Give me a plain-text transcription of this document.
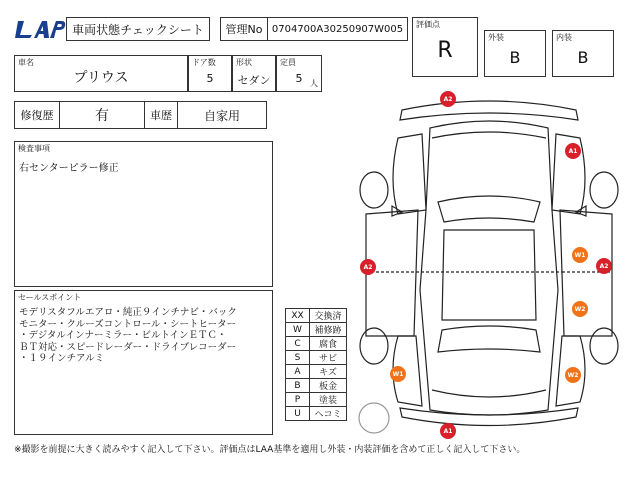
車両状態チェックシート 管理No 0704700A30250907W005 評価点
R
外装
B
内装
B
車名
プリウス
ドア数
5
形状
セダン
定員
5 人
修復歴	有	車歴	自家用
検査事項
右センターピラー修正
セールスポイント
モデリスタフルエアロ・純正９インチナビ・バック
モニター・クルーズコントロール・シートヒーター
・デジタルインナーミラー・ビルトインＥＴＣ・
ＢＴ対応・スピードレーダー・ドライブレコーダー
・１９インチアルミ
XX	交換済
W	補修跡
C	腐食
S	サビ
A	キズ
B	板金
P	塗装
U	ヘコミ
A2
A1
A2
W1
A2
W2
W1	W2
A1
※撮影を前提に大きく読みやすく記入して下さい。評価点はLAA基準を適用し外装・内装評価を含めて正しく記入して下さい。
